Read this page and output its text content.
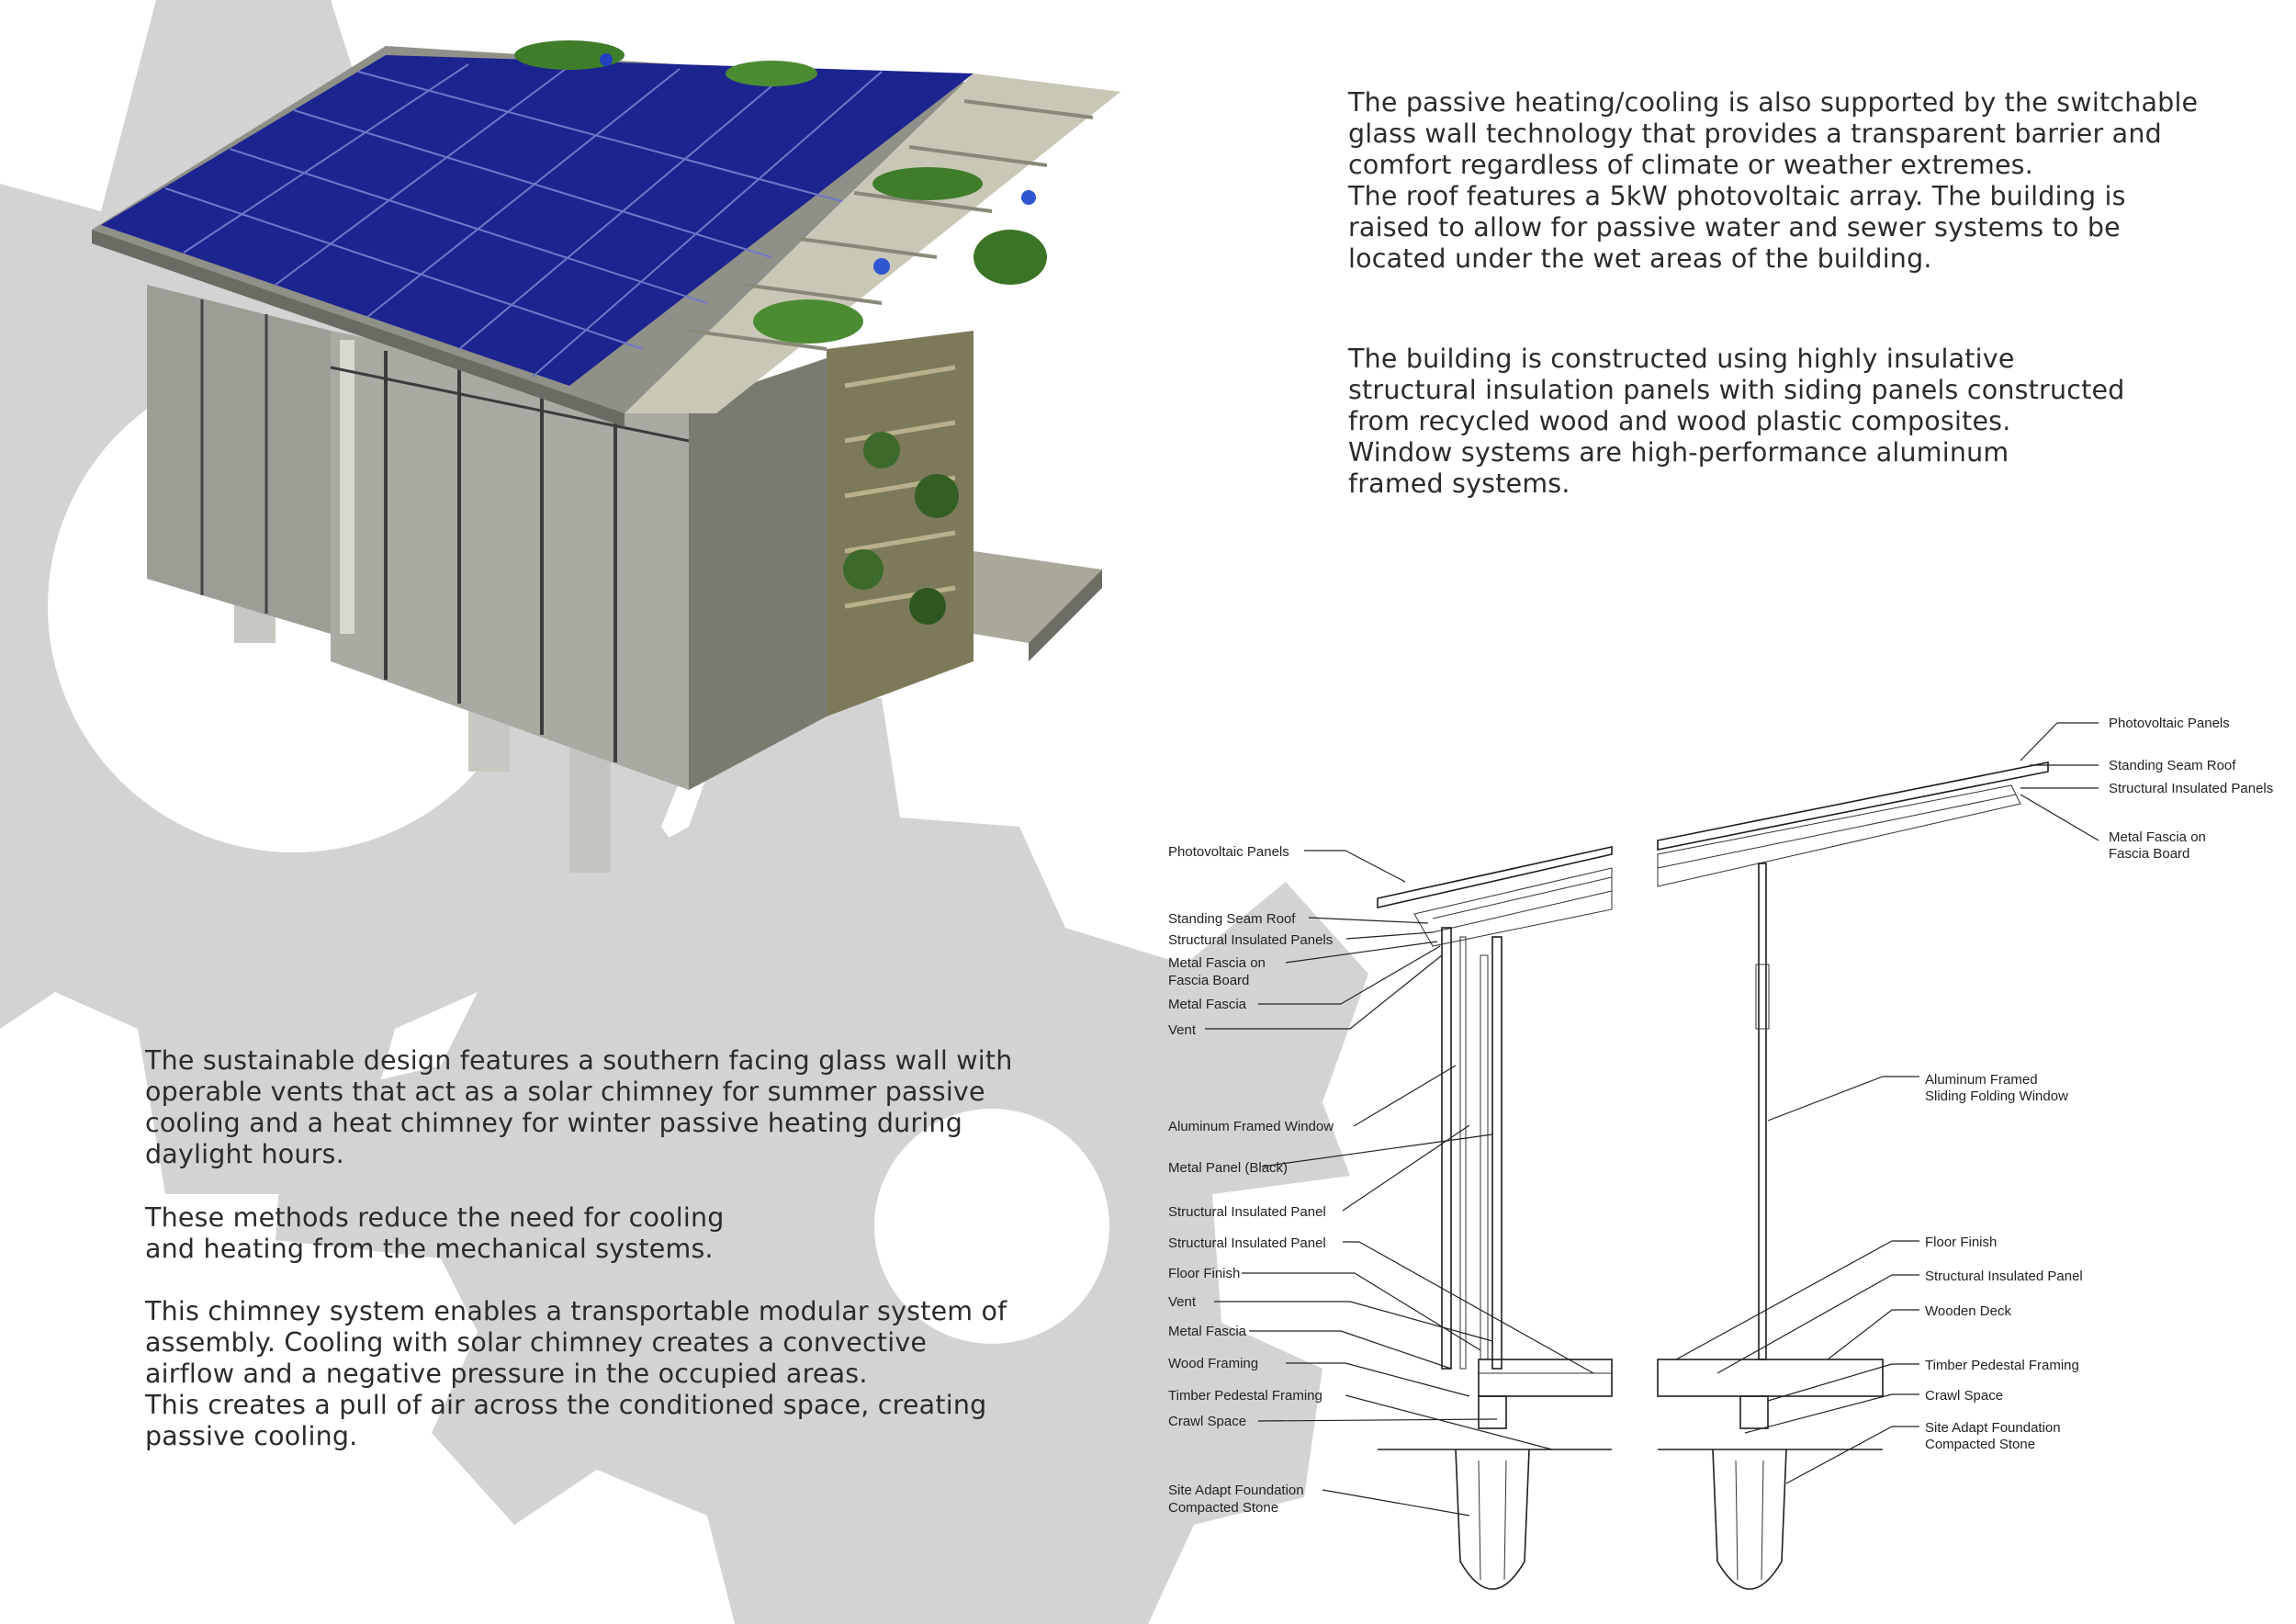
Photovoltaic Panels
Standing Seam Roof
Structural Insulated Panels
Metal Fascia on
Fascia Board
Metal Fascia
Vent
Aluminum Framed Window
Metal Panel (Black)
Structural Insulated Panel
Structural Insulated Panel
Floor Finish
Vent
Metal Fascia
Wood Framing
Timber Pedestal Framing
Crawl Space
Site Adapt Foundation
Compacted Stone
Photovoltaic Panels
Standing Seam Roof
Structural Insulated Panels
Metal Fascia on
Fascia Board
Aluminum Framed
Sliding Folding Window
Floor Finish
Structural Insulated Panel
Wooden Deck
Timber Pedestal Framing
Crawl Space
Site Adapt Foundation
Compacted Stone

The passive heating/cooling is also supported by the switchable
glass wall technology that provides a transparent barrier and
comfort regardless of climate or weather extremes.
The roof features a 5kW photovoltaic array. The building is
raised to allow for passive water and sewer systems to be
located under the wet areas of the building.

The building is constructed using highly insulative
structural insulation panels with siding panels constructed
from recycled wood and wood plastic composites.
Window systems are high-performance aluminum
framed systems.

The sustainable design features a southern facing glass wall with
operable vents that act as a solar chimney for summer passive
cooling and a heat chimney for winter passive heating during
daylight hours.

These methods reduce the need for cooling
and heating from the mechanical systems.

This chimney system enables a transportable modular system of
assembly. Cooling with solar chimney creates a convective
airflow and a negative pressure in the occupied areas.
This creates a pull of air across the conditioned space, creating
passive cooling.
